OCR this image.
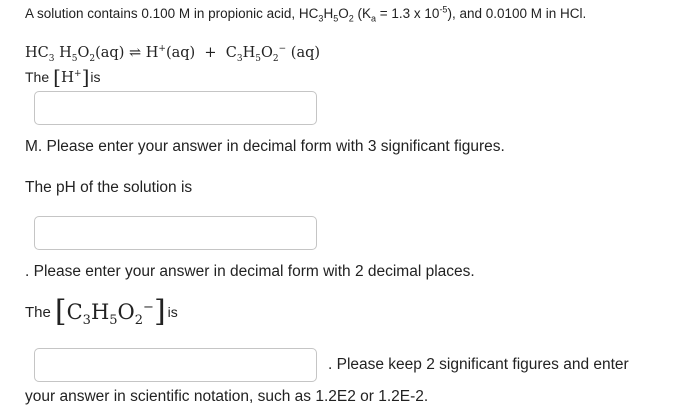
A solution contains 0.100 M in propionic acid, $HC_3H_5O_2$ ($K_a = 1.3$ x $10^{-5}$), and 0.0100 M in HCl.
$HC_3$ $H_5O_2(aq)$ ⇌ $H^+(aq) + C_3H_5O_2^-$ (aq)
The [ H+ ] is
M. Please enter your answer in decimal form with 3 significant figures.
The pH of the solution is
. Please enter your answer in decimal form with 2 decimal places.
The [ $C_3H_5O_2^-$ ] is
. Please keep 2 significant figures and enter
your answer in scientific notation, such as 1.2E2 or 1.2E-2.
